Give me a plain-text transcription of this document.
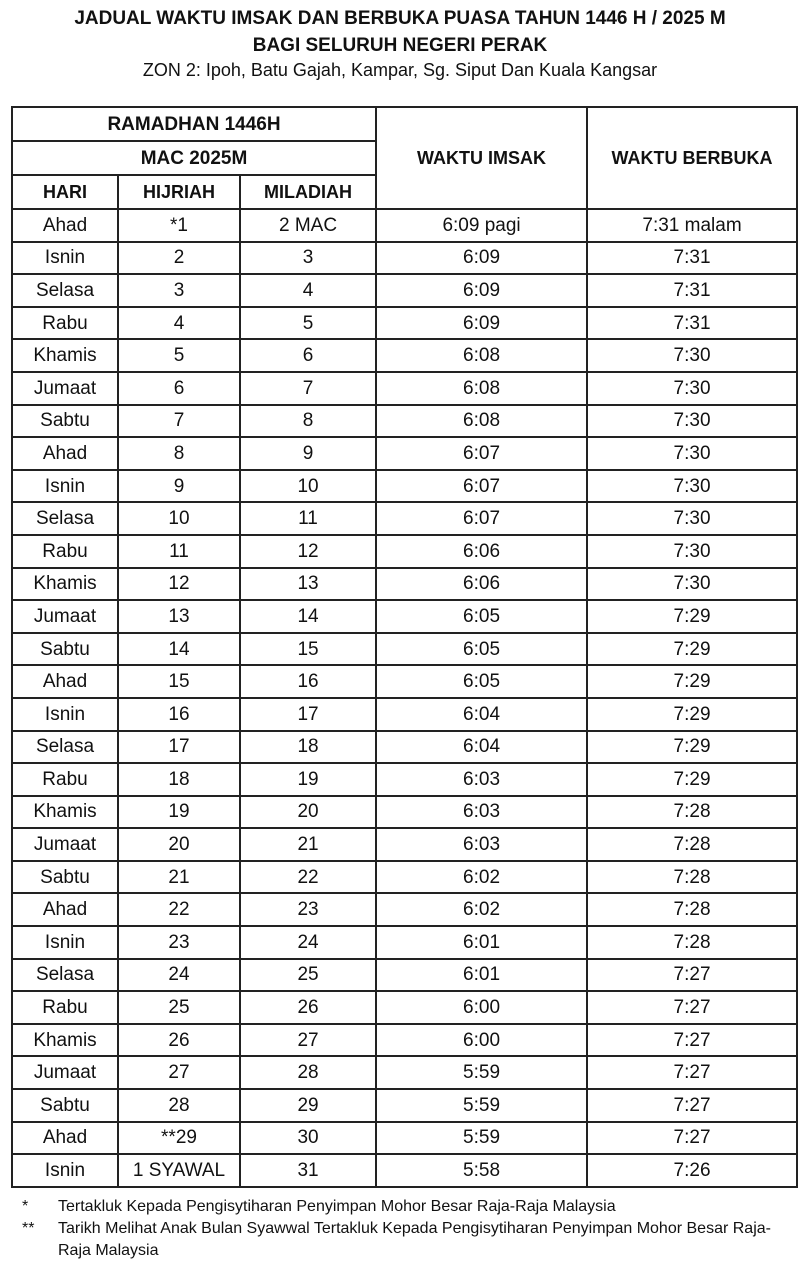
JADUAL WAKTU IMSAK DAN BERBUKA PUASA TAHUN 1446 H / 2025 M
BAGI SELURUH NEGERI PERAK
ZON 2: Ipoh, Batu Gajah, Kampar, Sg. Siput Dan Kuala Kangsar
RAMADHAN 1446H			WAKTU IMSAK	WAKTU BERBUKA
MAC 2025M				
HARI	HIJRIAH	MILADIAH		
Ahad	*1	2 MAC	6:09 pagi	7:31 malam
Isnin	2	3	6:09	7:31
Selasa	3	4	6:09	7:31
Rabu	4	5	6:09	7:31
Khamis	5	6	6:08	7:30
Jumaat	6	7	6:08	7:30
Sabtu	7	8	6:08	7:30
Ahad	8	9	6:07	7:30
Isnin	9	10	6:07	7:30
Selasa	10	11	6:07	7:30
Rabu	11	12	6:06	7:30
Khamis	12	13	6:06	7:30
Jumaat	13	14	6:05	7:29
Sabtu	14	15	6:05	7:29
Ahad	15	16	6:05	7:29
Isnin	16	17	6:04	7:29
Selasa	17	18	6:04	7:29
Rabu	18	19	6:03	7:29
Khamis	19	20	6:03	7:28
Jumaat	20	21	6:03	7:28
Sabtu	21	22	6:02	7:28
Ahad	22	23	6:02	7:28
Isnin	23	24	6:01	7:28
Selasa	24	25	6:01	7:27
Rabu	25	26	6:00	7:27
Khamis	26	27	6:00	7:27
Jumaat	27	28	5:59	7:27
Sabtu	28	29	5:59	7:27
Ahad	**29	30	5:59	7:27
Isnin	1 SYAWAL	31	5:58	7:26
*	Tertakluk Kepada Pengisytiharan Penyimpan Mohor Besar Raja-Raja Malaysia
**	Tarikh Melihat Anak Bulan Syawwal Tertakluk Kepada Pengisytiharan Penyimpan Mohor Besar Raja-Raja Malaysia
